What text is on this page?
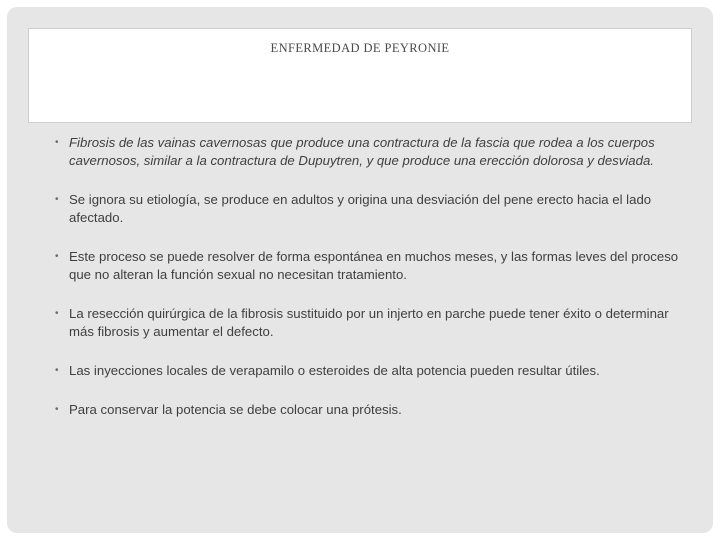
ENFERMEDAD DE PEYRONIE
• Fibrosis de las vainas cavernosas que produce una contractura de la fascia que rodea a los cuerpos cavernosos, similar a la contractura de Dupuytren, y que produce una erección dolorosa y desviada.
• Se ignora su etiología, se produce en adultos y origina una desviación del pene erecto hacia el lado afectado.
• Este proceso se puede resolver de forma espontánea en muchos meses, y las formas leves del proceso que no alteran la función sexual no necesitan tratamiento.
• La resección quirúrgica de la fibrosis sustituido por un injerto en parche puede tener éxito o determinar más fibrosis y aumentar el defecto.
• Las inyecciones locales de verapamilo o esteroides de alta potencia pueden resultar útiles.
• Para conservar la potencia se debe colocar una prótesis.
